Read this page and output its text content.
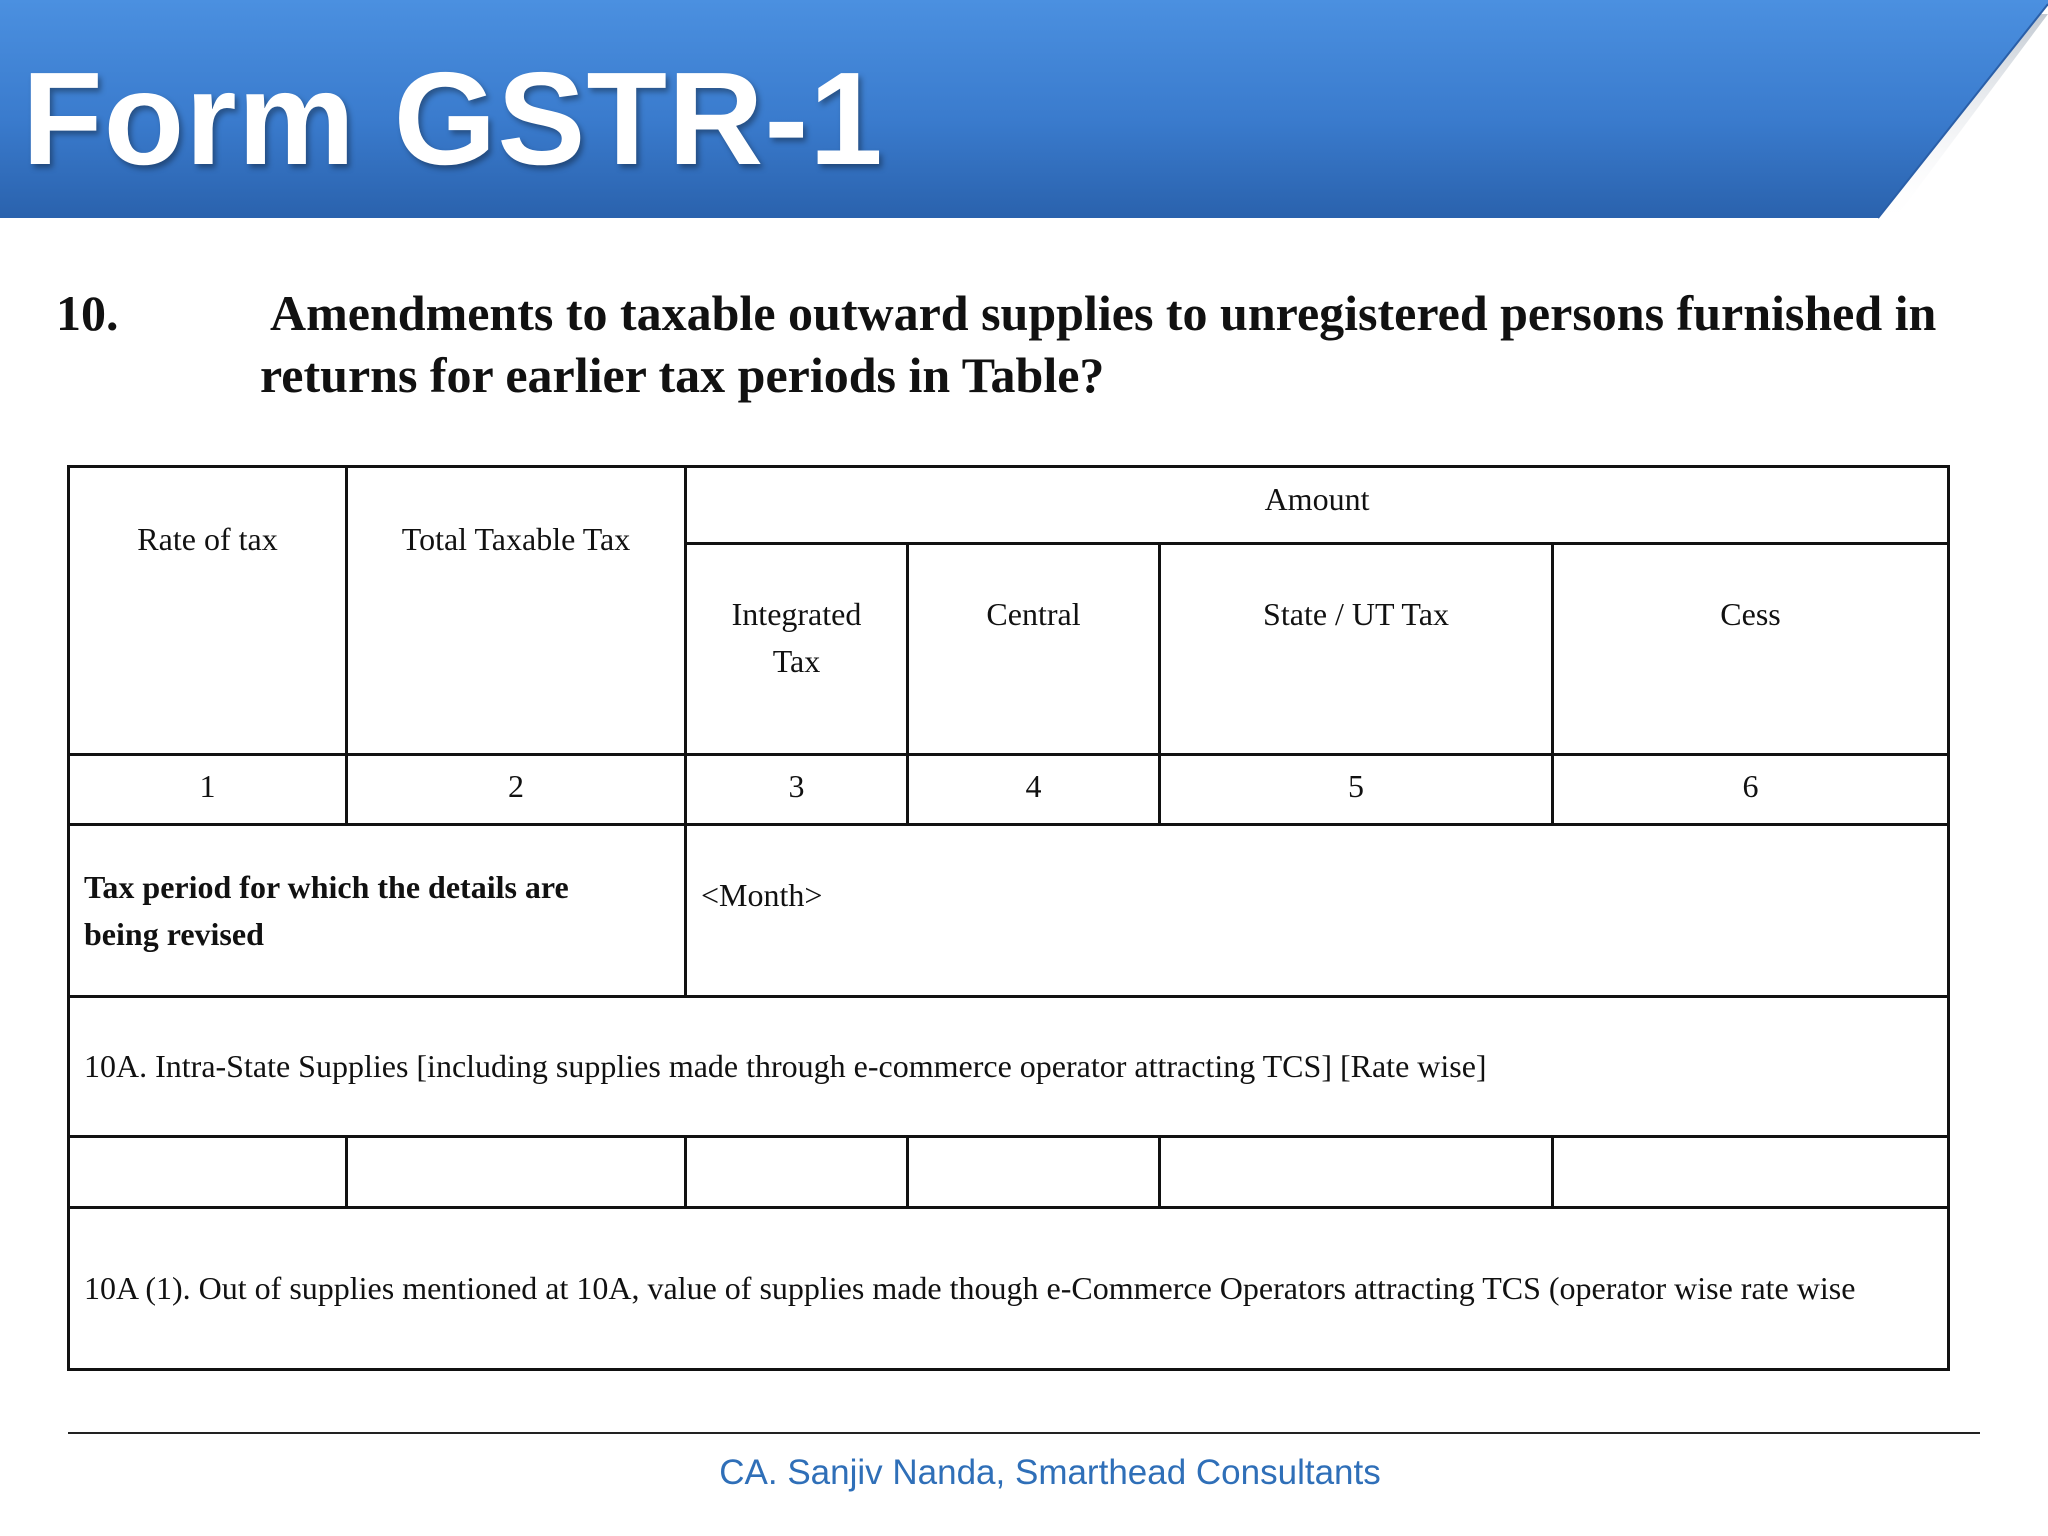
Form GSTR-1
10.	Amendments to taxable outward supplies to unregistered persons furnished in returns for earlier tax periods in Table?
Rate of tax	Total Taxable Tax	Amount			
		Integrated Tax	Central	State / UT Tax	Cess
1	2	3	4	5	6

Tax period for which the details are being revised		<Month>			
10A. Intra-State Supplies [including supplies made through e-commerce operator attracting TCS] [Rate wise]					

10A (1). Out of supplies mentioned at 10A, value of supplies made though e-Commerce Operators attracting TCS (operator wise rate wise					
CA. Sanjiv Nanda, Smarthead Consultants
